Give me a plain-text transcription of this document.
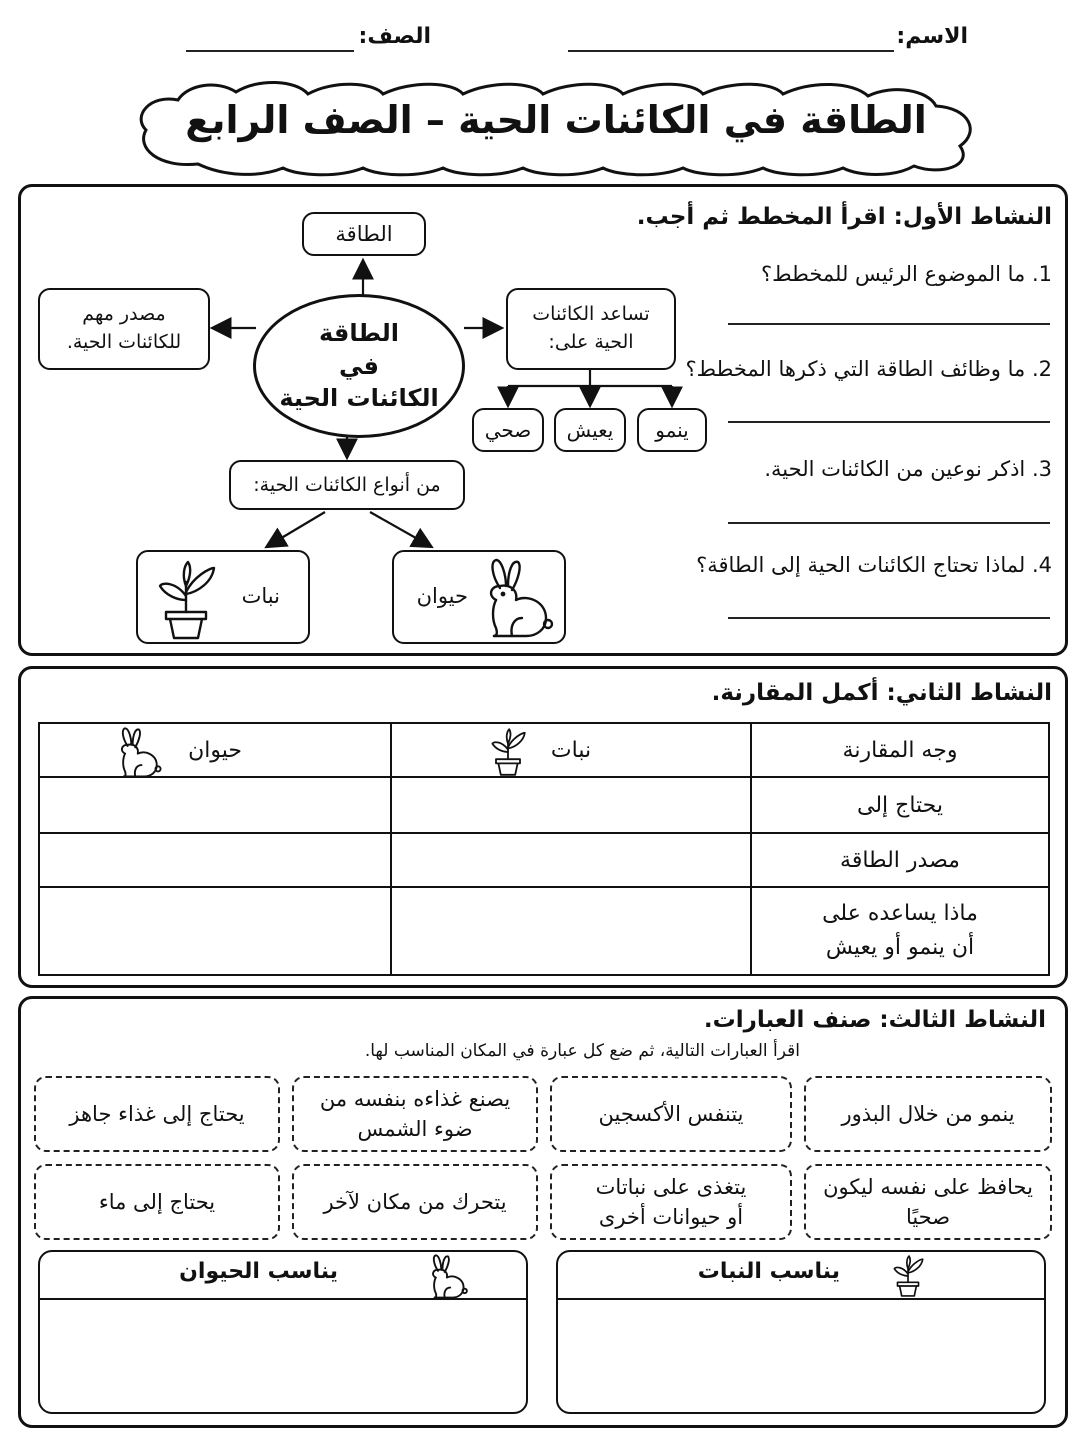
الاسم:
الصف:
الطاقة في الكائنات الحية – الصف الرابع
النشاط الأول: اقرأ المخطط ثم أجب.
1. ما الموضوع الرئيس للمخطط؟
2. ما وظائف الطاقة التي ذكرها المخطط؟
3. اذكر نوعين من الكائنات الحية.
4. لماذا تحتاج الكائنات الحية إلى الطاقة؟
الطاقة
في
الكائنات الحية
الطاقة
مصدر مهم
للكائنات الحية.
تساعد الكائنات
الحية على:
ينمو
يعيش
صحي
من أنواع الكائنات الحية:
حيوان
نبات
النشاط الثاني: أكمل المقارنة.
وجه المقارنة	نبات	حيوان

يحتاج إلى		
مصدر الطاقة		
ماذا يساعده على
أن ينمو أو يعيش		
النشاط الثالث: صنف العبارات.
اقرأ العبارات التالية، ثم ضع كل عبارة في المكان المناسب لها.
ينمو من خلال البذور

يتنفس الأكسجين

يصنع غذاءه بنفسه من
ضوء الشمس
يحتاج إلى غذاء جاهز

يحافظ على نفسه ليكون
صحيًا
يتغذى على نباتات
أو حيوانات أخرى
يتحرك من مكان لآخر

يحتاج إلى ماء

يناسب النبات
يناسب الحيوان
